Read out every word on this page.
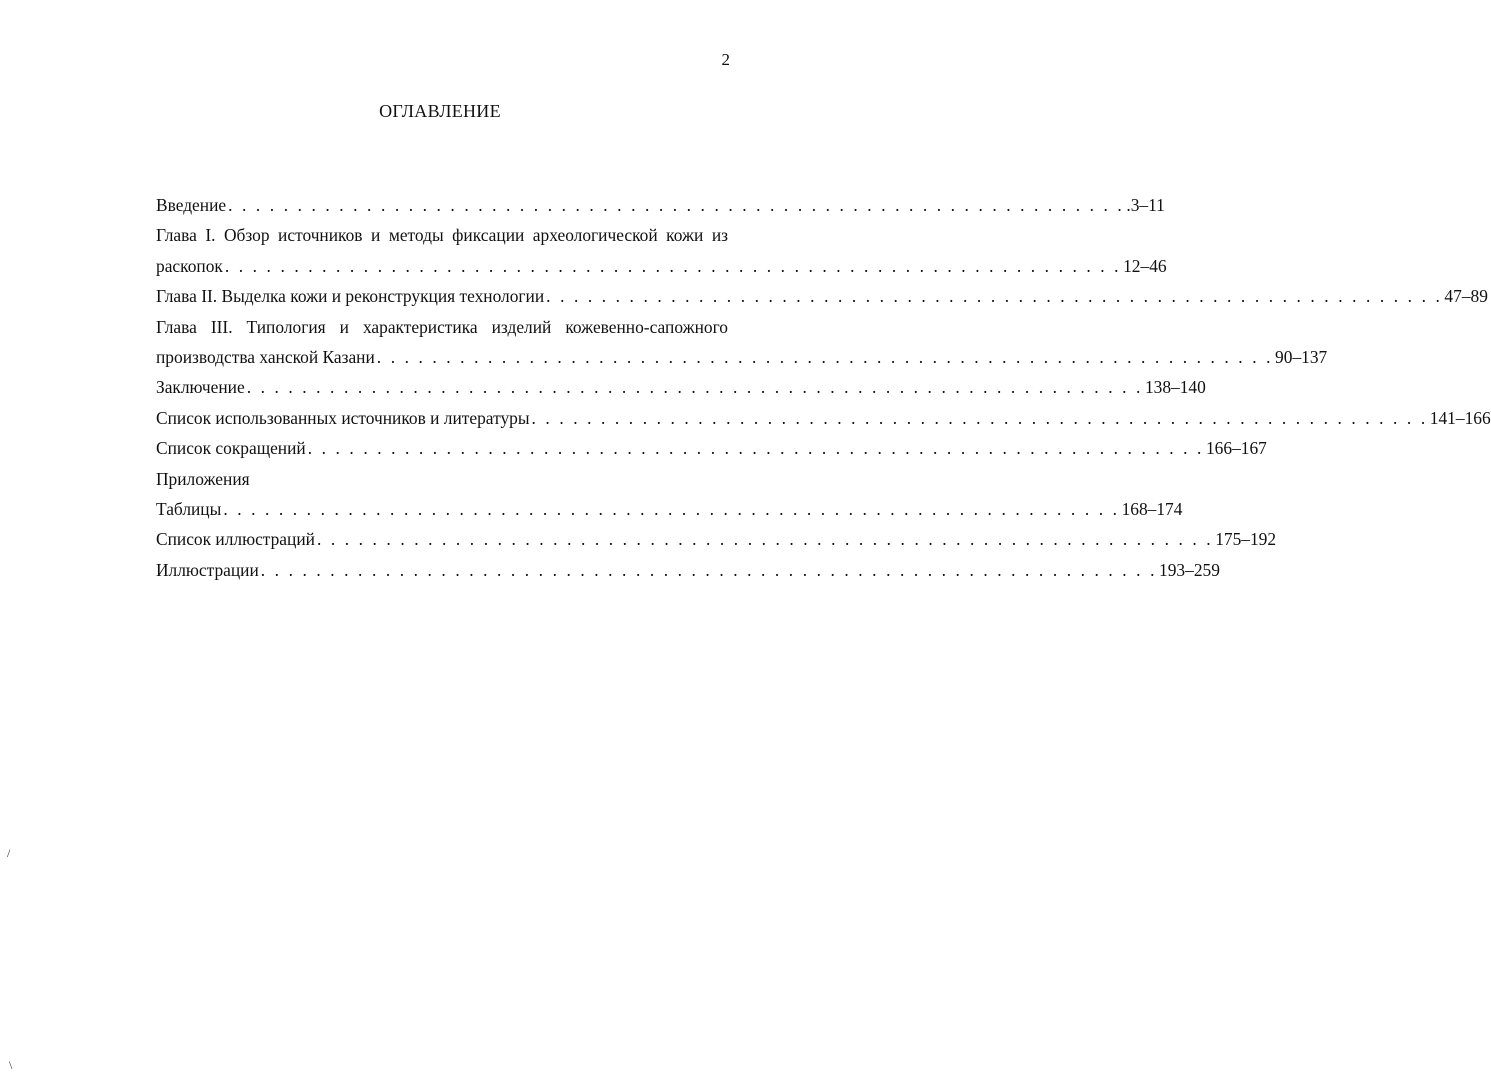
2
ОГЛАВЛЕНИЕ
Введение . . . . . . . . . . . . . . . . . . . . . . . . . . . . . . . . . . . . . . . . . . . . . . . . . . . . . . . . . . . . . . . . . .3–11
Глава I. Обзор источников и методы фиксации археологической кожи из
раскопок . . . . . . . . . . . . . . . . . . . . . . . . . . . . . . . . . . . . . . . . . . . . . . . . . . . . . . . . . . . . . . . . . 12–46
Глава II. Выделка кожи и реконструкция технологии . . . . . . . . . . . . . . . . . . . . . . . . . . . . . . . . . . . . . . . . . . . . . . . . . . . . . . . . . . . . . . . . . 47–89
Глава III. Типология и характеристика изделий кожевенно-сапожного
производства ханской Казани . . . . . . . . . . . . . . . . . . . . . . . . . . . . . . . . . . . . . . . . . . . . . . . . . . . . . . . . . . . . . . . . . 90–137
Заключение . . . . . . . . . . . . . . . . . . . . . . . . . . . . . . . . . . . . . . . . . . . . . . . . . . . . . . . . . . . . . . . . . 138–140
Список использованных источников и литературы . . . . . . . . . . . . . . . . . . . . . . . . . . . . . . . . . . . . . . . . . . . . . . . . . . . . . . . . . . . . . . . . . 141–166
Список сокращений . . . . . . . . . . . . . . . . . . . . . . . . . . . . . . . . . . . . . . . . . . . . . . . . . . . . . . . . . . . . . . . . . 166–167
Приложения
Таблицы . . . . . . . . . . . . . . . . . . . . . . . . . . . . . . . . . . . . . . . . . . . . . . . . . . . . . . . . . . . . . . . . . 168–174
Список иллюстраций . . . . . . . . . . . . . . . . . . . . . . . . . . . . . . . . . . . . . . . . . . . . . . . . . . . . . . . . . . . . . . . . . 175–192
Иллюстрации . . . . . . . . . . . . . . . . . . . . . . . . . . . . . . . . . . . . . . . . . . . . . . . . . . . . . . . . . . . . . . . . . 193–259
/
\
